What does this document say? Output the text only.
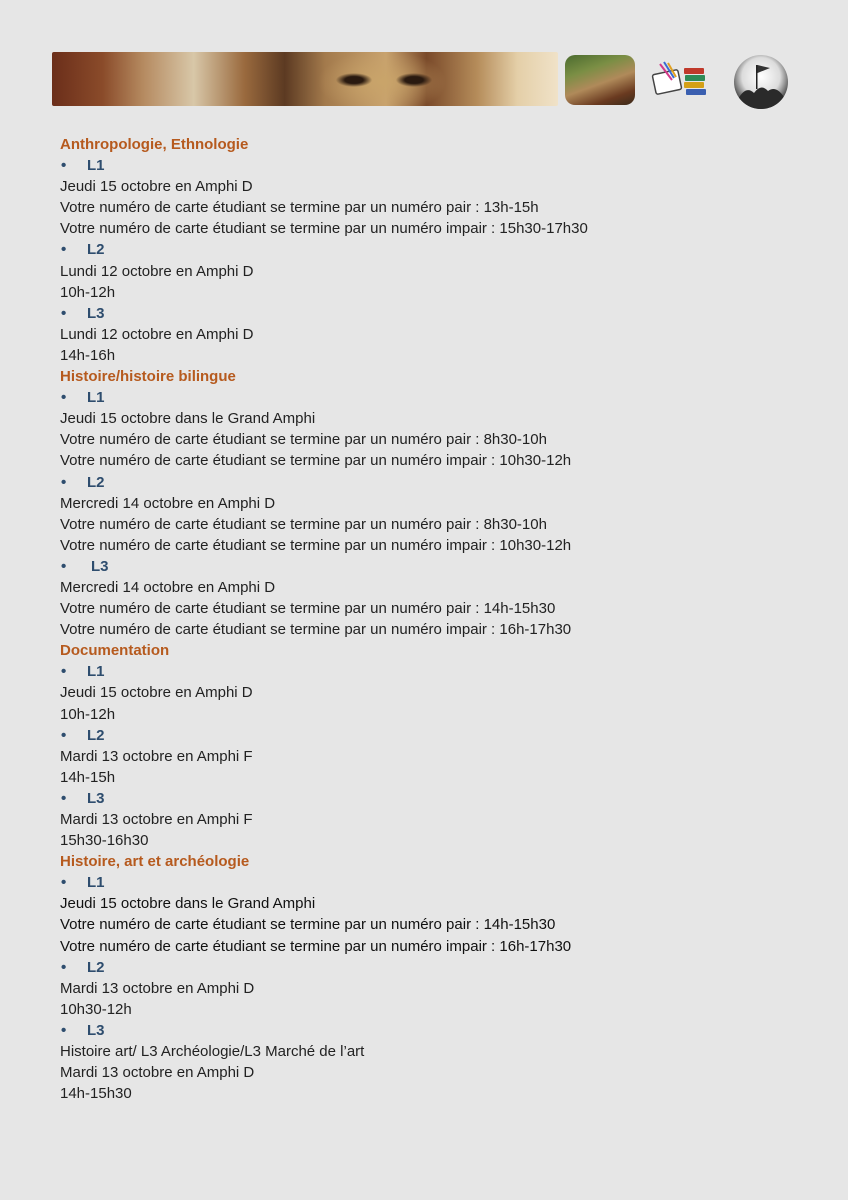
Anthropologie, Ethnologie
• L1
Jeudi 15 octobre en Amphi D
Votre numéro de carte étudiant se termine par un numéro pair : 13h-15h
Votre numéro de carte étudiant se termine par un numéro impair : 15h30-17h30
• L2
Lundi 12 octobre en Amphi D
10h-12h
• L3
Lundi 12 octobre en Amphi D
14h-16h
Histoire/histoire bilingue
• L1
Jeudi 15 octobre dans le Grand Amphi
Votre numéro de carte étudiant se termine par un numéro pair : 8h30-10h
Votre numéro de carte étudiant se termine par un numéro impair : 10h30-12h
• L2
Mercredi 14 octobre en Amphi D
Votre numéro de carte étudiant se termine par un numéro pair : 8h30-10h
Votre numéro de carte étudiant se termine par un numéro impair : 10h30-12h
• L3
Mercredi 14 octobre en Amphi D
Votre numéro de carte étudiant se termine par un numéro pair : 14h-15h30
Votre numéro de carte étudiant se termine par un numéro impair : 16h-17h30
Documentation
• L1
Jeudi 15 octobre en Amphi D
10h-12h
• L2
Mardi 13 octobre en Amphi F
14h-15h
• L3
Mardi 13 octobre en Amphi F
15h30-16h30
Histoire, art et archéologie
• L1
Jeudi 15 octobre dans le Grand Amphi
Votre numéro de carte étudiant se termine par un numéro pair : 14h-15h30
Votre numéro de carte étudiant se termine par un numéro impair : 16h-17h30
• L2
Mardi 13 octobre en Amphi D
10h30-12h
• L3
Histoire art/ L3 Archéologie/L3 Marché de l’art
Mardi 13 octobre en Amphi D
14h-15h30
